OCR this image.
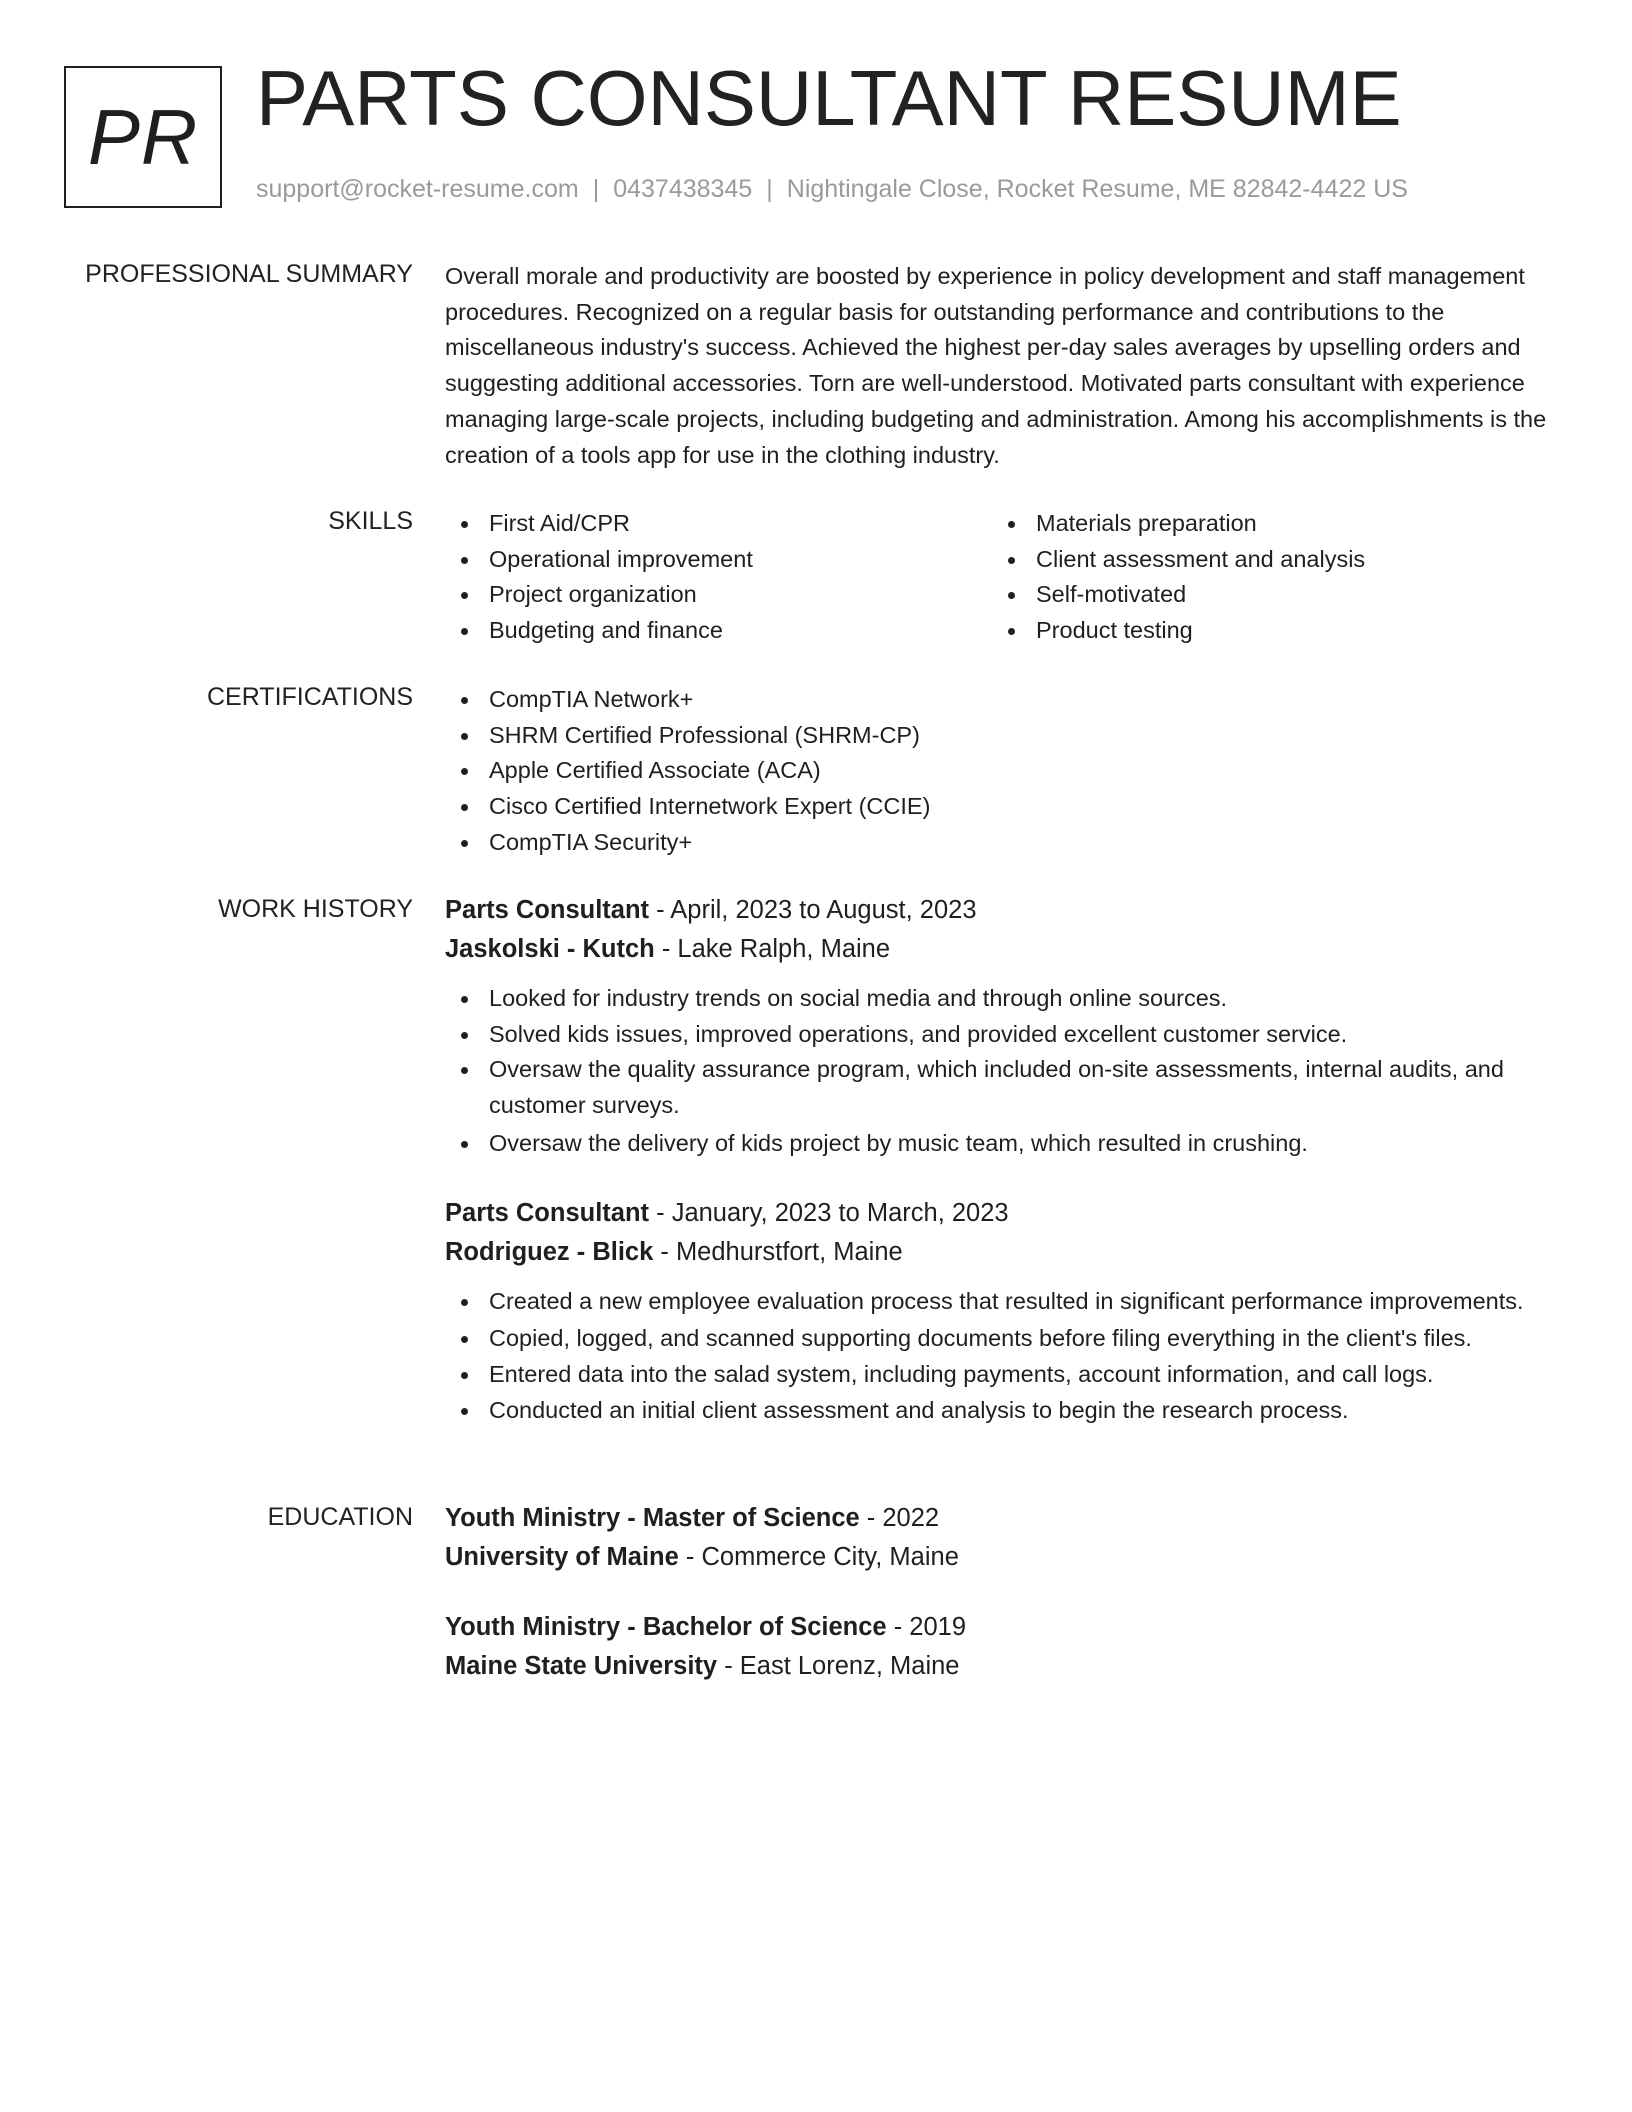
PR PARTS CONSULTANT RESUME
support@rocket-resume.com | 0437438345 | Nightingale Close, Rocket Resume, ME 82842-4422 US
PROFESSIONAL SUMMARY Overall morale and productivity are boosted by experience in policy development and staff management procedures. Recognized on a regular basis for outstanding performance and contributions to the miscellaneous industry's success. Achieved the highest per-day sales averages by upselling orders and suggesting additional accessories. Torn are well-understood. Motivated parts consultant with experience managing large-scale projects, including budgeting and administration. Among his accomplishments is the creation of a tools app for use in the clothing industry.

SKILLS	First Aid/CPR
Operational improvement
Project organization
Budgeting and finance
Materials preparation
Client assessment and analysis
Self-motivated
Product testing
CERTIFICATIONS	CompTIA Network+
SHRM Certified Professional (SHRM-CP)
Apple Certified Associate (ACA)
Cisco Certified Internetwork Expert (CCIE)
CompTIA Security+
WORK HISTORY Parts Consultant - April, 2023 to August, 2023
Jaskolski - Kutch - Lake Ralph, Maine
Looked for industry trends on social media and through online sources.
Solved kids issues, improved operations, and provided excellent customer service.
Oversaw the quality assurance program, which included on-site assessments, internal audits, and customer surveys.
Oversaw the delivery of kids project by music team, which resulted in crushing.
Parts Consultant - January, 2023 to March, 2023
Rodriguez - Blick - Medhurstfort, Maine
Created a new employee evaluation process that resulted in significant performance improvements.
Copied, logged, and scanned supporting documents before filing everything in the client's files.
Entered data into the salad system, including payments, account information, and call logs.
Conducted an initial client assessment and analysis to begin the research process.
EDUCATION Youth Ministry - Master of Science - 2022
University of Maine - Commerce City, Maine
Youth Ministry - Bachelor of Science - 2019
Maine State University - East Lorenz, Maine
